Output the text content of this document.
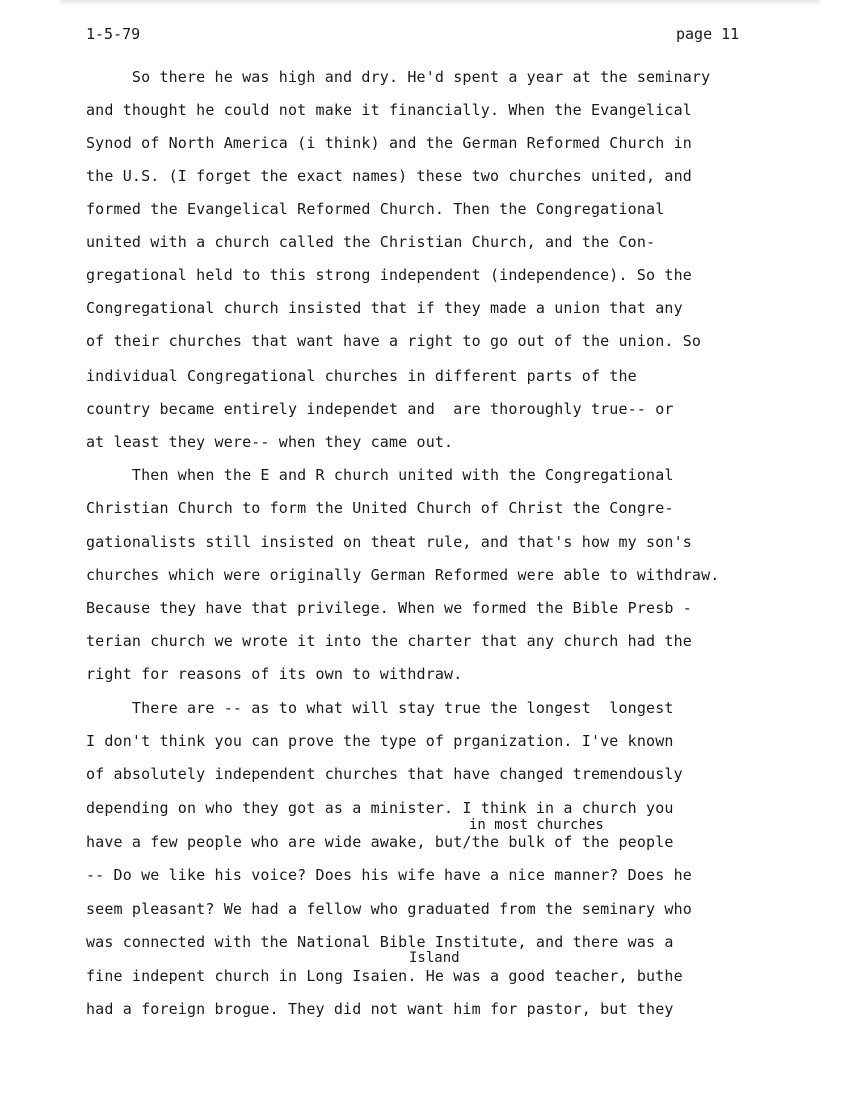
1-5-79	page 11
So there he was high and dry. He'd spent a year at the seminary
and thought he could not make it financially. When the Evangelical
Synod of North America (i think) and the German Reformed Church in
the U.S. (I forget the exact names) these two churches united, and
formed the Evangelical Reformed Church. Then the Congregational
united with a church called the Christian Church, and the Con-
gregational held to this strong independent (independence). So the
Congregational church insisted that if they made a union that any
of their churches that want have a right to go out of the union. So
individual Congregational churches in different parts of the
country became entirely independet and  are thoroughly true-- or
at least they were-- when they came out.
Then when the E and R church united with the Congregational
Christian Church to form the United Church of Christ the Congre-
gationalists still insisted on theat rule, and that's how my son's
churches which were originally German Reformed were able to withdraw.
Because they have that privilege. When we formed the Bible Presb -
terian church we wrote it into the charter that any church had the
right for reasons of its own to withdraw.
There are -- as to what will stay true the longest  longest
I don't think you can prove the type of prganization. I've known
of absolutely independent churches that have changed tremendously
depending on who they got as a minister. I think in a church you
in most churches
have a few people who are wide awake, but/the bulk of the people
-- Do we like his voice? Does his wife have a nice manner? Does he
seem pleasant? We had a fellow who graduated from the seminary who
was connected with the National Bible Institute, and there was a
Island
fine indepent church in Long Isaien. He was a good teacher, buthe
had a foreign brogue. They did not want him for pastor, but they
